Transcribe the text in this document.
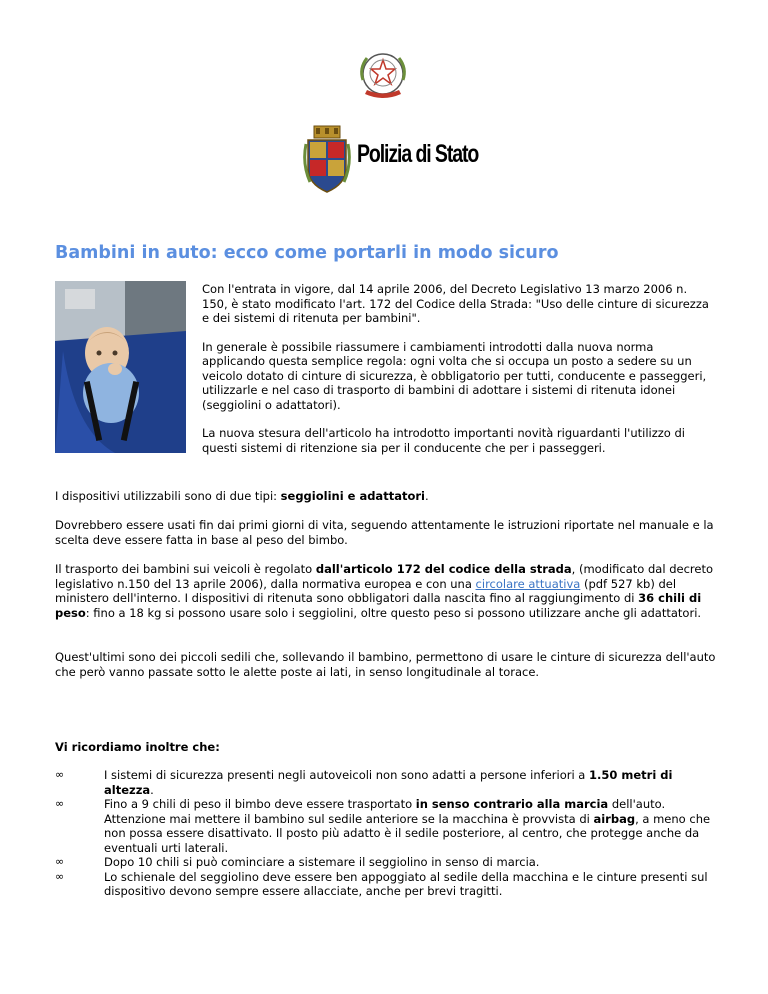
Polizia di Stato
Bambini in auto: ecco come portarli in modo sicuro

Con l'entrata in vigore, dal 14 aprile 2006, del Decreto Legislativo 13 marzo 2006 n. 150, è stato modificato l'art. 172 del Codice della Strada: "Uso delle cinture di sicurezza e dei sistemi di ritenuta per bambini".

In generale è possibile riassumere i cambiamenti introdotti dalla nuova norma applicando questa semplice regola: ogni volta che si occupa un posto a sedere su un veicolo dotato di cinture di sicurezza, è obbligatorio per tutti, conducente e passeggeri, utilizzarle e nel caso di trasporto di bambini di adottare i sistemi di ritenuta idonei (seggiolini o adattatori).

La nuova stesura dell'articolo ha introdotto importanti novità riguardanti l'utilizzo di questi sistemi di ritenzione sia per il conducente che per i passeggeri.

I dispositivi utilizzabili sono di due tipi: seggiolini e adattatori.

Dovrebbero essere usati fin dai primi giorni di vita, seguendo attentamente le istruzioni riportate nel manuale e la scelta deve essere fatta in base al peso del bimbo.

Il trasporto dei bambini sui veicoli è regolato dall'articolo 172 del codice della strada, (modificato dal decreto legislativo n.150 del 13 aprile 2006), dalla normativa europea e con una circolare attuativa (pdf 527 kb) del ministero dell'interno. I dispositivi di ritenuta sono obbligatori dalla nascita fino al raggiungimento di 36 chili di peso: fino a 18 kg si possono usare solo i seggiolini, oltre questo peso si possono utilizzare anche gli adattatori.

Quest'ultimi sono dei piccoli sedili che, sollevando il bambino, permettono di usare le cinture di sicurezza dell'auto che però vanno passate sotto le alette poste ai lati, in senso longitudinale al torace.

Vi ricordiamo inoltre che:

∞	I sistemi di sicurezza presenti negli autoveicoli non sono adatti a persone inferiori a 1.50 metri di altezza.
∞	Fino a 9 chili di peso il bimbo deve essere trasportato in senso contrario alla marcia dell'auto. Attenzione mai mettere il bambino sul sedile anteriore se la macchina è provvista di airbag, a meno che non possa essere disattivato. Il posto più adatto è il sedile posteriore, al centro, che protegge anche da eventuali urti laterali.
∞	Dopo 10 chili si può cominciare a sistemare il seggiolino in senso di marcia.
∞	Lo schienale del seggiolino deve essere ben appoggiato al sedile della macchina e le cinture presenti sul dispositivo devono sempre essere allacciate, anche per brevi tragitti.
